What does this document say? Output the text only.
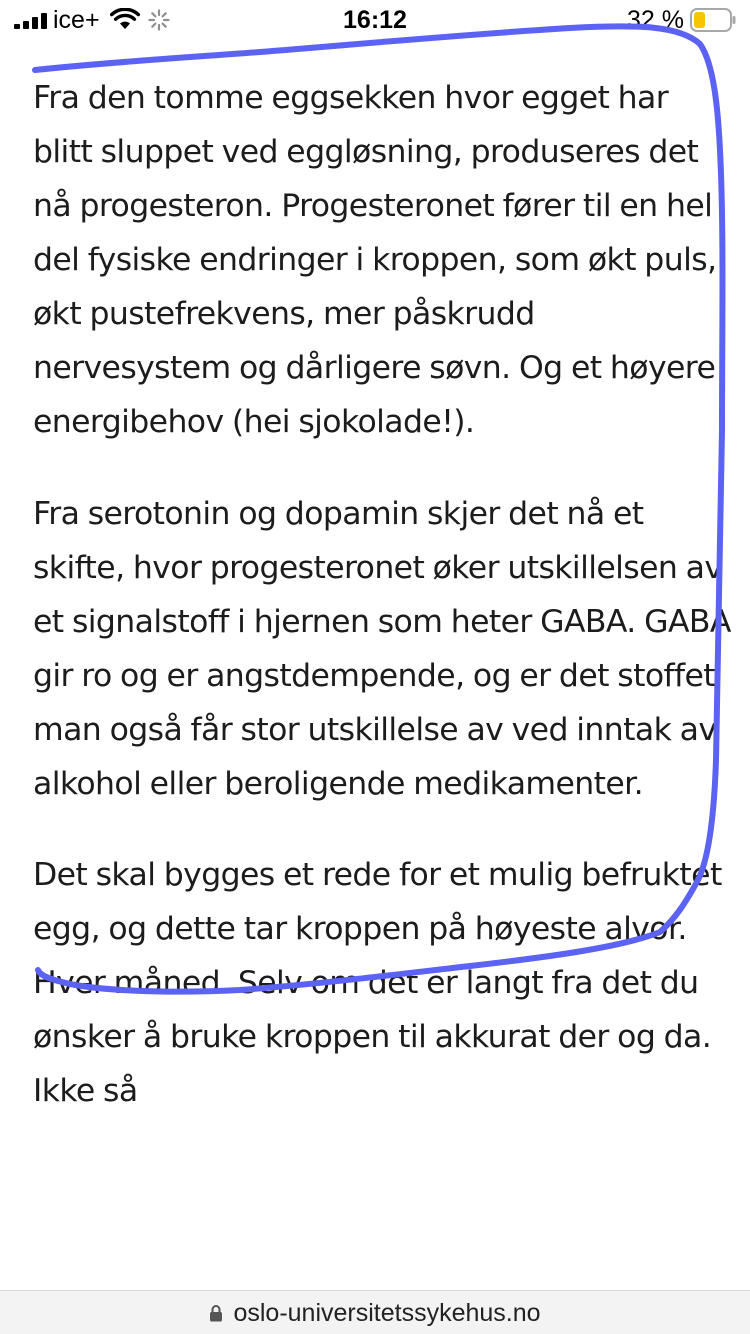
ice+	16:12	32 %

Fra den tomme eggsekken hvor egget har blitt sluppet ved eggløsning, produseres det nå progesteron. Progesteronet fører til en hel del fysiske endringer i kroppen, som økt puls, økt pustefrekvens, mer påskrudd nervesystem og dårligere søvn. Og et høyere energibehov (hei sjokolade!).

Fra serotonin og dopamin skjer det nå et skifte, hvor progesteronet øker utskillelsen av et signalstoff i hjernen som heter GABA. GABA gir ro og er angstdempende, og er det stoffet man også får stor utskillelse av ved inntak av alkohol eller beroligende medikamenter.

Det skal bygges et rede for et mulig befruktet egg, og dette tar kroppen på høyeste alvor. Hver måned. Selv om det er langt fra det du ønsker å bruke kroppen til akkurat der og da. Ikke så

oslo-universitetssykehus.no
